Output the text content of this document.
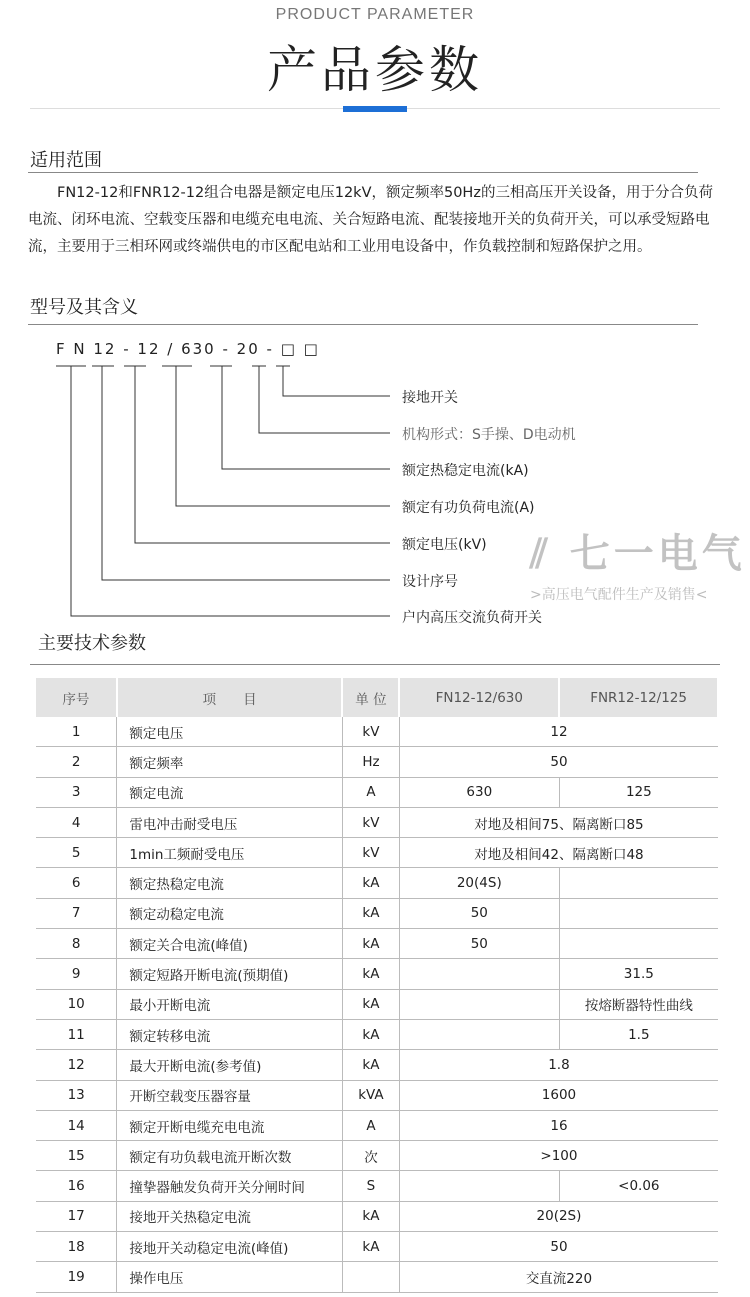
PRODUCT PARAMETER
产品参数
适用范围
FN12-12和FNR12-12组合电器是额定电压12kV，额定频率50Hz的三相高压开关设备，用于分合负荷电流、闭环电流、空载变压器和电缆充电电流、关合短路电流、配装接地开关的负荷开关，可以承受短路电流，主要用于三相环网或终端供电的市区配电站和工业用电设备中，作负载控制和短路保护之用。
型号及其含义
F N 12 - 12 / 630 - 20 - □ □
接地开关
机构形式：S手操、D电动机
额定热稳定电流(kA)
额定有功负荷电流(A)
额定电压(kV)
设计序号
户内高压交流负荷开关
⫽ 七一电气
>高压电气配件生产及销售<
主要技术参数
序号	项　　目	单 位	FN12-12/630	FNR12-12/125
1	额定电压	kV	12	
2	额定频率	Hz	50	
3	额定电流	A	630	125
4	雷电冲击耐受电压	kV	对地及相间75、隔离断口85	
5	1min工频耐受电压	kV	对地及相间42、隔离断口48	
6	额定热稳定电流	kA	20(4S)	
7	额定动稳定电流	kA	50	
8	额定关合电流(峰值)	kA	50	
9	额定短路开断电流(预期值)	kA		31.5
10	最小开断电流	kA		按熔断器特性曲线
11	额定转移电流	kA		1.5
12	最大开断电流(参考值)	kA	1.8	
13	开断空载变压器容量	kVA	1600	
14	额定开断电缆充电电流	A	16	
15	额定有功负载电流开断次数	次	>100	
16	撞挚器触发负荷开关分闸时间	S		<0.06
17	接地开关热稳定电流	kA	20(2S)	
18	接地开关动稳定电流(峰值)	kA	50	
19	操作电压		交直流220	
